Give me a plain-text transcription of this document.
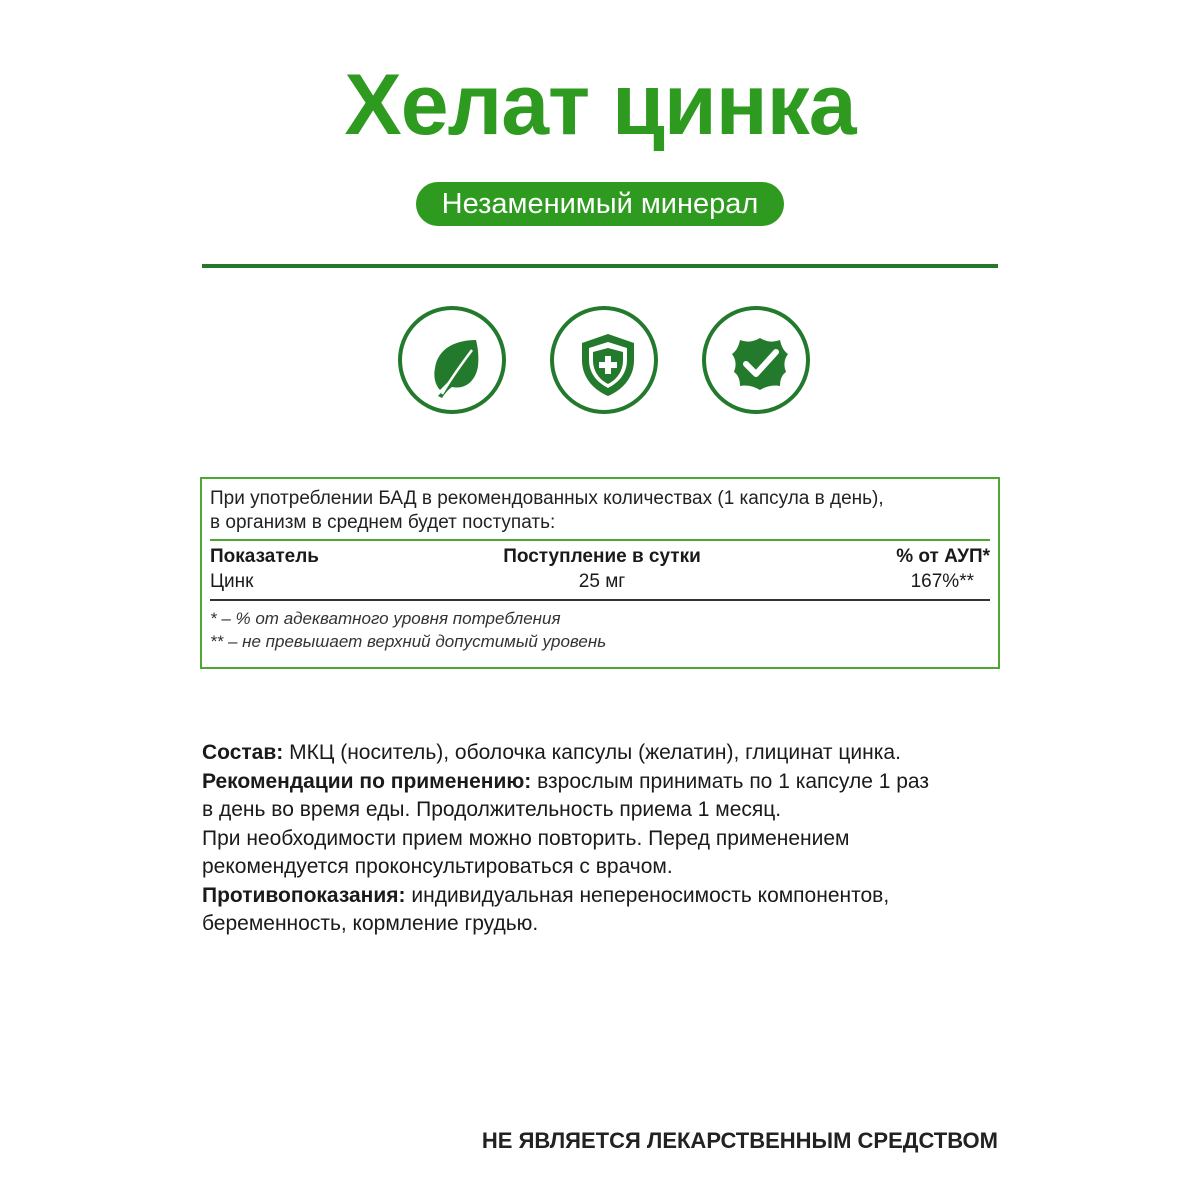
Хелат цинка
Незаменимый минерал
При употреблении БАД в рекомендованных количествах (1 капсула в день),
в организм в среднем будет поступать:
Показатель	Поступление в сутки	% от АУП*
Цинк	25 мг	167%**
* – % от адекватного уровня потребления
** – не превышает верхний допустимый уровень
Состав: МКЦ (носитель), оболочка капсулы (желатин), глицинат цинка.
Рекомендации по применению: взрослым принимать по 1 капсуле 1 раз
в день во время еды. Продолжительность приема 1 месяц.
При необходимости прием можно повторить. Перед применением
рекомендуется проконсультироваться с врачом.
Противопоказания: индивидуальная непереносимость компонентов,
беременность, кормление грудью.
НЕ ЯВЛЯЕТСЯ ЛЕКАРСТВЕННЫМ СРЕДСТВОМ
